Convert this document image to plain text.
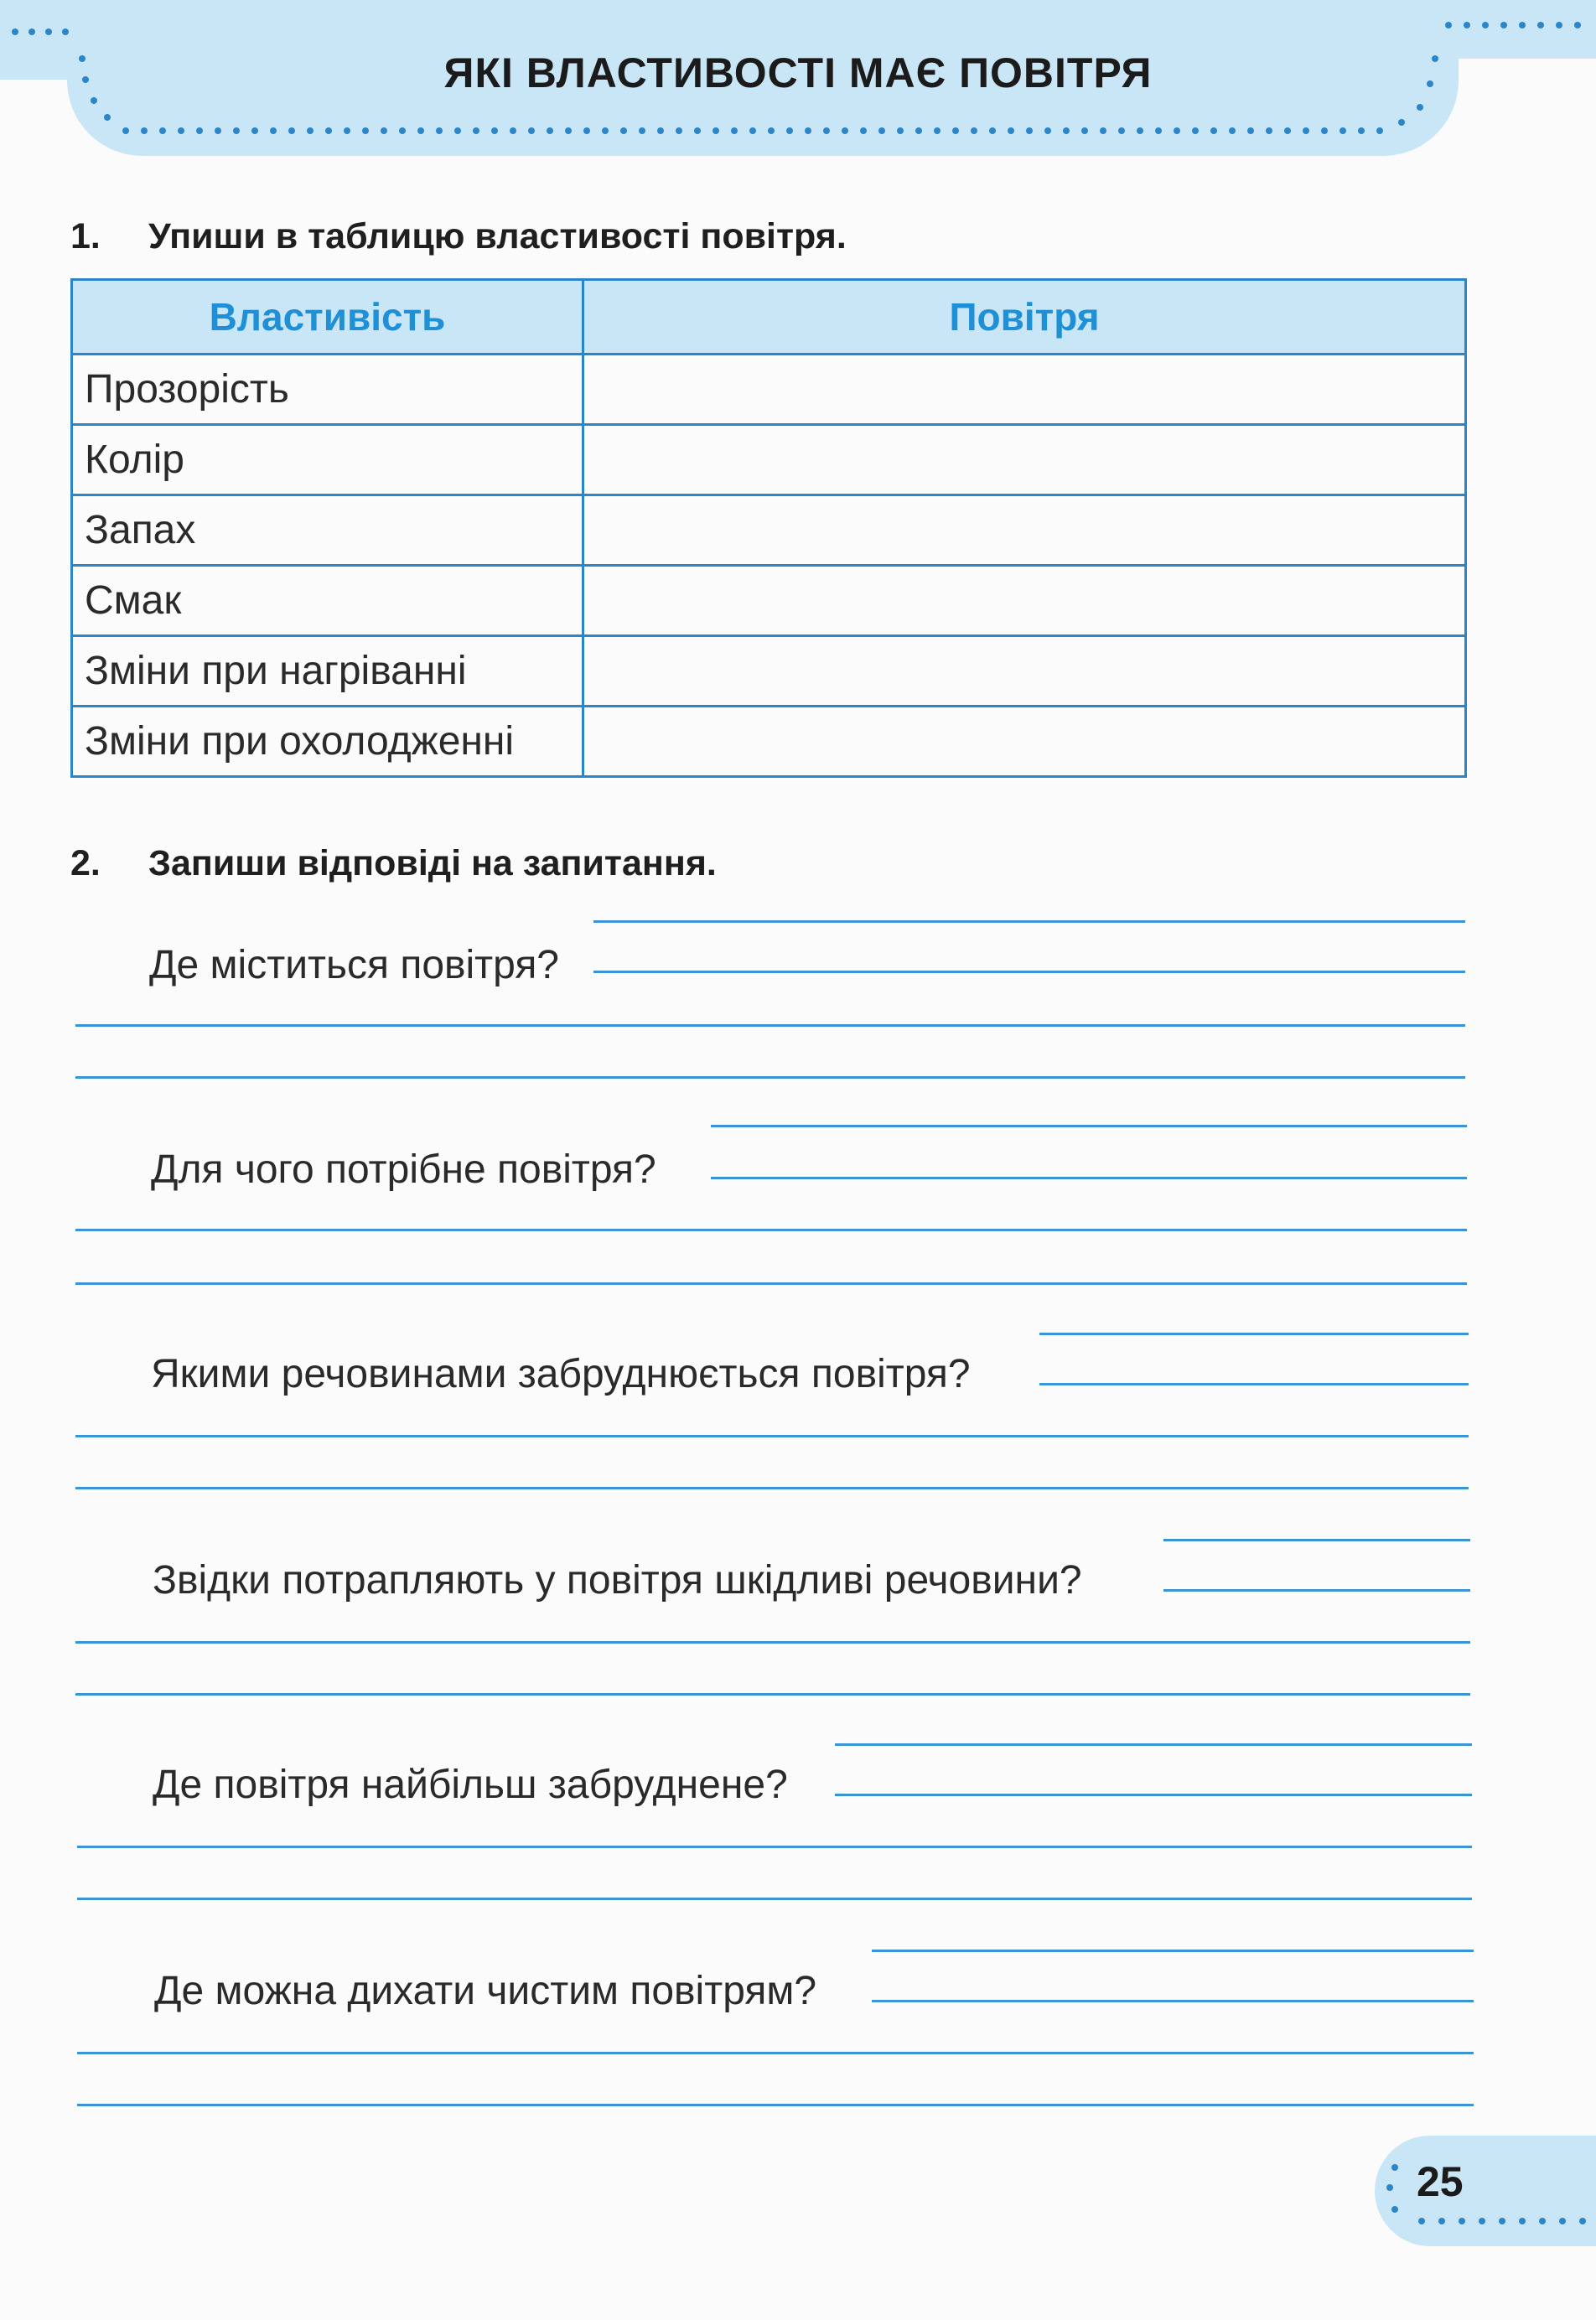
ЯКІ ВЛАСТИВОСТІ МАЄ ПОВІТРЯ
1. Упиши в таблицю властивості повітря.
Властивість	Повітря
Прозорість	
Колір	
Запах	
Смак	
Зміни при нагріванні	
Зміни при охолодженні	
2. Запиши відповіді на запитання.
Де міститься повітря?
Для чого потрібне повітря?
Якими речовинами забруднюється повітря?
Звідки потрапляють у повітря шкідливі речовини?
Де повітря найбільш забруднене?
Де можна дихати чистим повітрям?
25
